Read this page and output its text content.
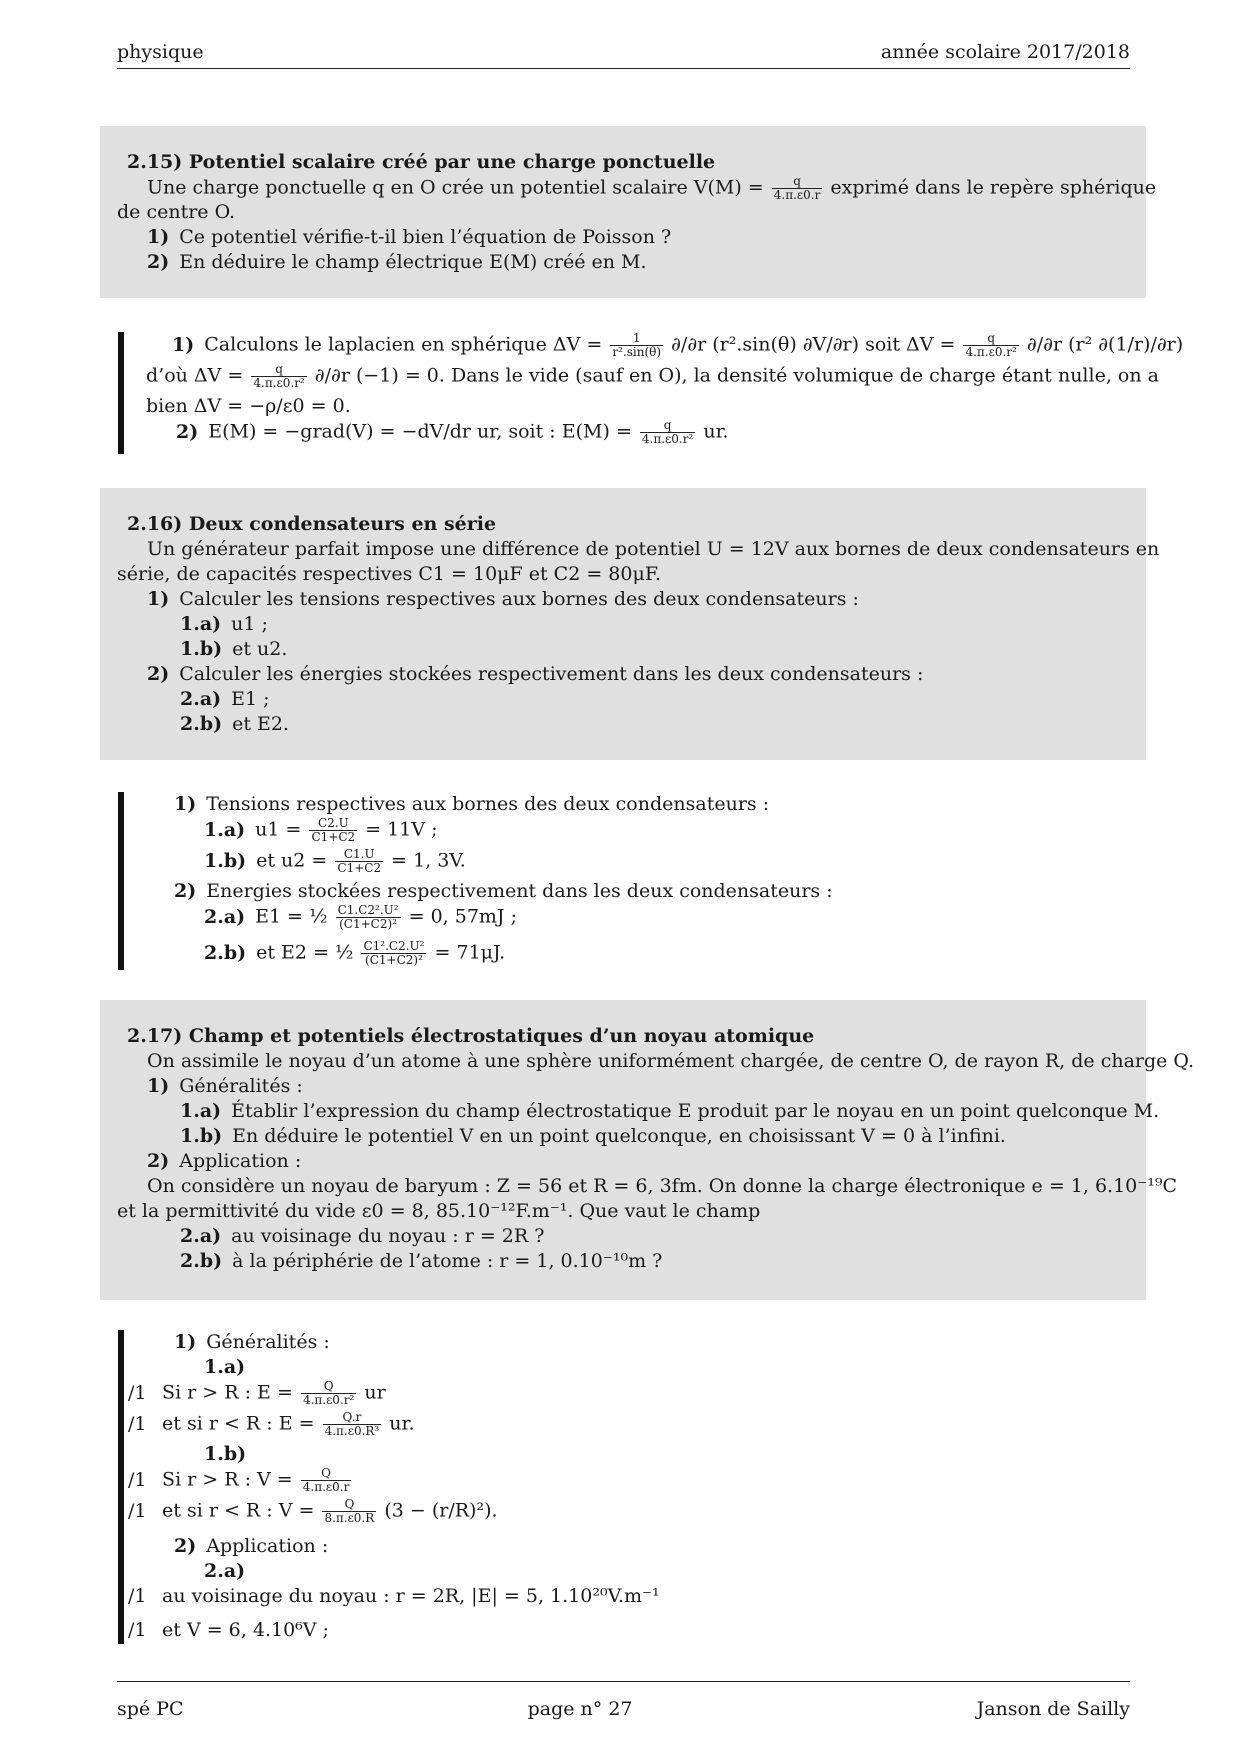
physique	année scolaire 2017/2018
2.15) Potentiel scalaire créé par une charge ponctuelle
Une charge ponctuelle q en O crée un potentiel scalaire $V(M) = \frac{q}{4.\pi.\varepsilon 0.r}$ exprimé dans le repère sphérique
de centre O.
1) Ce potentiel vérifie-t-il bien l’équation de Poisson ?
2) En déduire le champ électrique E(M) créé en M.
1) Calculons le laplacien en sphérique $\Delta V = \frac{1}{\text{r².sin(θ)}} \partial/\partial r$ (r².sin(θ) ∂V/∂r) soit $\Delta V = \frac{q}{\text{4.π.ε0.r²}} \partial/\partial r$ (r² ∂(1/r)/∂r)
d’où $\Delta V = \frac{q}{\text{4.π.ε0.r²}} \partial/\partial r$ (−1) = 0. Dans le vide (sauf en O), la densité volumique de charge étant nulle, on a
bien ΔV = −ρ/ε0 = 0.
2) E(M) = −grad(V) = −dV/dr ur, soit : $E(M) = \frac{q}{\text{4.π.ε0.r²}}$ ur.
2.16) Deux condensateurs en série
Un générateur parfait impose une différence de potentiel U = 12V aux bornes de deux condensateurs en
série, de capacités respectives C1 = 10μF et C2 = 80μF.
1) Calculer les tensions respectives aux bornes des deux condensateurs :
1.a) u1 ;
1.b) et u2.
2) Calculer les énergies stockées respectivement dans les deux condensateurs :
2.a) E1 ;
2.b) et E2.
1) Tensions respectives aux bornes des deux condensateurs :
1.a) $u1 = \frac{C2.U}{C1+C2} = 11V$ ;
1.b) et $u2 = \frac{C1.U}{C1+C2} = 1$, 3V.
2) Energies stockées respectivement dans les deux condensateurs :
2.a) E1 = ½ $\frac{\text{C1.C2².U²}}{\text{(C1+C2)²}} = 0$, 57mJ ;
2.b) et E2 = ½ $\frac{\text{C1².C2.U²}}{\text{(C1+C2)²}} = 71\mu J$.
2.17) Champ et potentiels électrostatiques d’un noyau atomique
On assimile le noyau d’un atome à une sphère uniformément chargée, de centre O, de rayon R, de charge Q.
1) Généralités :
1.a) Établir l’expression du champ électrostatique E produit par le noyau en un point quelconque M.
1.b) En déduire le potentiel V en un point quelconque, en choisissant V = 0 à l’infini.
2) Application :
On considère un noyau de baryum : Z = 56 et R = 6, 3fm. On donne la charge électronique e = 1, 6.10⁻¹⁹C
et la permittivité du vide ε0 = 8, 85.10⁻¹²F.m⁻¹. Que vaut le champ
2.a) au voisinage du noyau : r = 2R ?
2.b) à la périphérie de l’atome : r = 1, 0.10⁻¹⁰m ?
1) Généralités :
1.a)
/1 Si r > R : $E = \frac{Q}{\text{4.π.ε0.r²}}$ ur
/1 et si r < R : $E = \frac{Q.r}{\text{4.π.ε0.R³}}$ ur.
1.b)
/1 Si r > R : $V = \frac{Q}{4.\pi.\varepsilon 0.r}$
/1 et si r < R : $V = \frac{Q}{8.\pi.\varepsilon 0.R} (3 - (r/R)^2)$.
2) Application :
2.a)
/1 au voisinage du noyau : r = 2R, |E| = 5, 1.10²⁰V.m⁻¹
/1 et V = 6, 4.10⁶V ;
spé PC	page n° 27	Janson de Sailly
